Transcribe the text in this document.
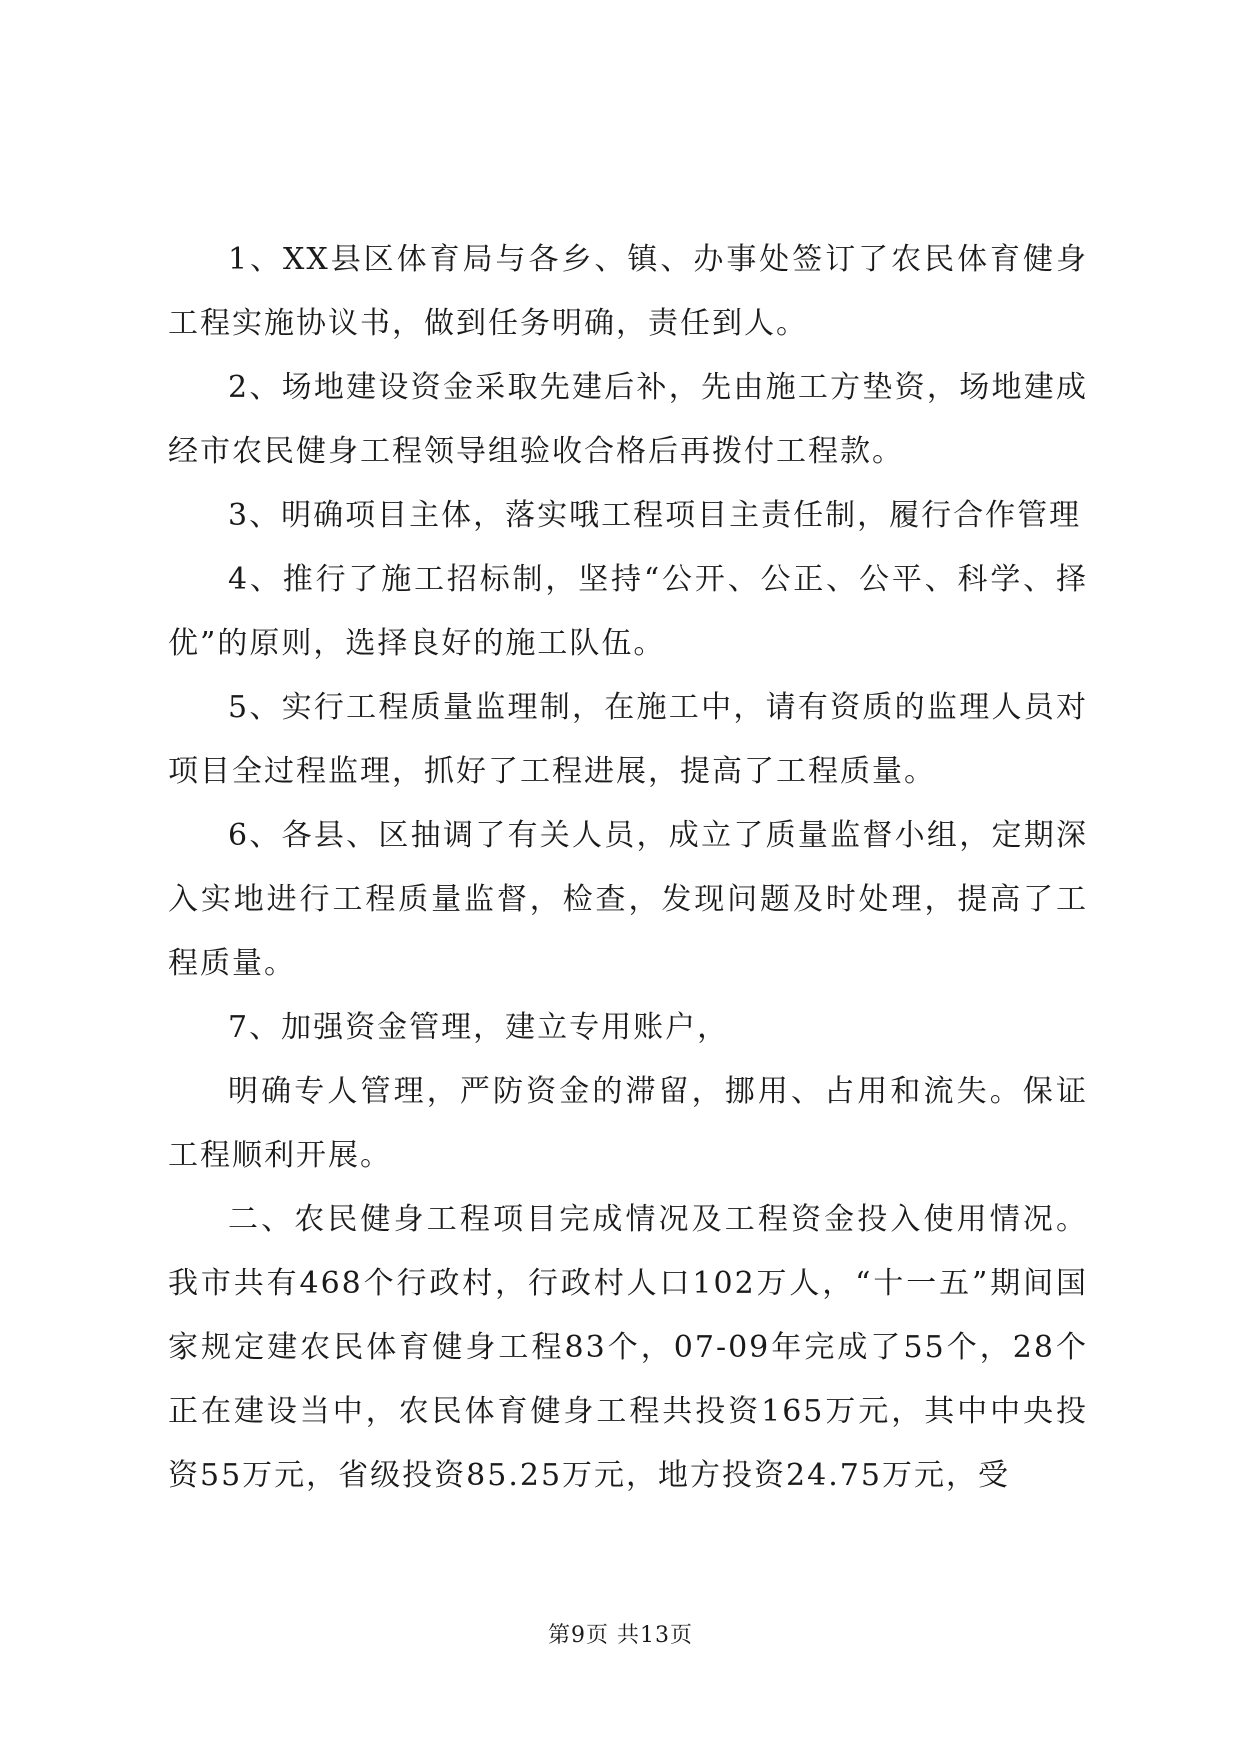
1、XX县区体育局与各乡、镇、办事处签订了农民体育健身工程实施协议书，做到任务明确，责任到人。

2、场地建设资金采取先建后补，先由施工方垫资，场地建成经市农民健身工程领导组验收合格后再拨付工程款。

3、明确项目主体，落实哦工程项目主责任制，履行合作管理

4、推行了施工招标制，坚持“公开、公正、公平、科学、择优”的原则，选择良好的施工队伍。

5、实行工程质量监理制，在施工中，请有资质的监理人员对项目全过程监理，抓好了工程进展，提高了工程质量。

6、各县、区抽调了有关人员，成立了质量监督小组，定期深入实地进行工程质量监督，检查，发现问题及时处理，提高了工程质量。

7、加强资金管理，建立专用账户，

明确专人管理，严防资金的滞留，挪用、占用和流失。保证工程顺利开展。

二、农民健身工程项目完成情况及工程资金投入使用情况。我市共有468个行政村，行政村人口102万人，“十一五”期间国家规定建农民体育健身工程83个，07-09年完成了55个，28个正在建设当中，农民体育健身工程共投资165万元，其中中央投资55万元，省级投资85.25万元，地方投资24.75万元，受

第9页 共13页
